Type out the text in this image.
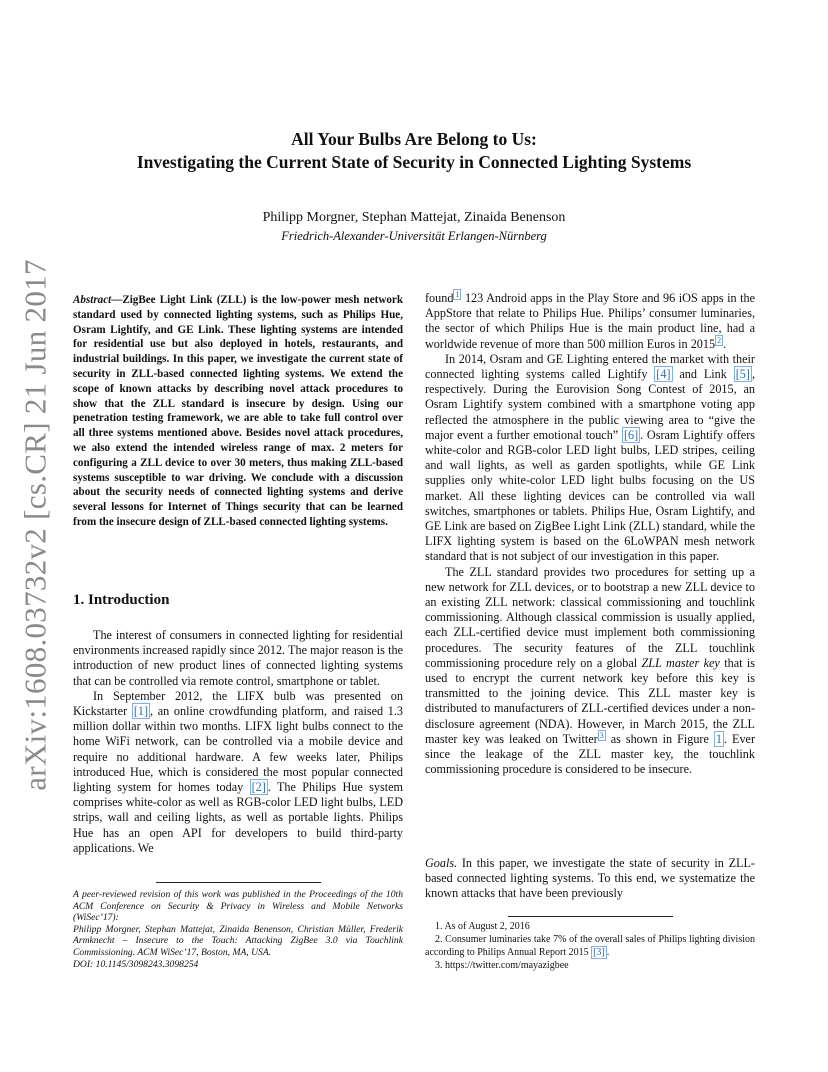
arXiv:1608.03732v2 [cs.CR] 21 Jun 2017
All Your Bulbs Are Belong to Us:
Investigating the Current State of Security in Connected Lighting Systems
Philipp Morgner, Stephan Mattejat, Zinaida Benenson
Friedrich-Alexander-Universität Erlangen-Nürnberg

Abstract—ZigBee Light Link (ZLL) is the low-power mesh network standard used by connected lighting systems, such as Philips Hue, Osram Lightify, and GE Link. These lighting systems are intended for residential use but also deployed in hotels, restaurants, and industrial buildings. In this paper, we investigate the current state of security in ZLL-based connected lighting systems. We extend the scope of known attacks by describing novel attack procedures to show that the ZLL standard is insecure by design. Using our penetration testing framework, we are able to take full control over all three systems mentioned above. Besides novel attack procedures, we also extend the intended wireless range of max. 2 meters for configuring a ZLL device to over 30 meters, thus making ZLL-based systems susceptible to war driving. We conclude with a discussion about the security needs of connected lighting systems and derive several lessons for Internet of Things security that can be learned from the insecure design of ZLL-based connected lighting systems.

1. Introduction

The interest of consumers in connected lighting for residential environments increased rapidly since 2012. The major reason is the introduction of new product lines of connected lighting systems that can be controlled via remote control, smartphone or tablet.

In September 2012, the LIFX bulb was presented on Kickstarter [1] , an online crowdfunding platform, and raised 1.3 million dollar within two months. LIFX light bulbs connect to the home WiFi network, can be controlled via a mobile device and require no additional hardware. A few weeks later, Philips introduced Hue, which is considered the most popular connected lighting system for homes today [2] . The Philips Hue system comprises white-color as well as RGB-color LED light bulbs, LED strips, wall and ceiling lights, as well as portable lights. Philips Hue has an open API for developers to build third-party applications. We

A peer-reviewed revision of this work was published in the Proceedings of the 10th ACM Conference on Security & Privacy in Wireless and Mobile Networks (WiSec’17):

Philipp Morgner, Stephan Mattejat, Zinaida Benenson, Christian Müller, Frederik Armknecht – Insecure to the Touch: Attacking ZigBee 3.0 via Touchlink Commissioning. ACM WiSec’17, Boston, MA, USA.

DOI: 10.1145/3098243.3098254

found $^1$ 123 Android apps in the Play Store and 96 iOS apps in the AppStore that relate to Philips Hue. Philips’ consumer luminaries, the sector of which Philips Hue is the main product line, had a worldwide revenue of more than 500 million Euros in 2015 $^2$ .

In 2014, Osram and GE Lighting entered the market with their connected lighting systems called Lightify [4] and Link [5] , respectively. During the Eurovision Song Contest of 2015, an Osram Lightify system combined with a smartphone voting app reflected the atmosphere in the public viewing area to “give the major event a further emotional touch” [6] . Osram Lightify offers white-color and RGB-color LED light bulbs, LED stripes, ceiling and wall lights, as well as garden spotlights, while GE Link supplies only white-color LED light bulbs focusing on the US market. All these lighting devices can be controlled via wall switches, smartphones or tablets. Philips Hue, Osram Lightify, and GE Link are based on ZigBee Light Link (ZLL) standard, while the LIFX lighting system is based on the 6LoWPAN mesh network standard that is not subject of our investigation in this paper.

The ZLL standard provides two procedures for setting up a new network for ZLL devices, or to bootstrap a new ZLL device to an existing ZLL network: classical commissioning and touchlink commissioning. Although classical commission is usually applied, each ZLL-certified device must implement both commissioning procedures. The security features of the ZLL touchlink commissioning procedure rely on a global ZLL master key that is used to encrypt the current network key before this key is transmitted to the joining device. This ZLL master key is distributed to manufacturers of ZLL-certified devices under a non-disclosure agreement (NDA). However, in March 2015, the ZLL master key was leaked on Twitter $^3$ as shown in Figure 1 . Ever since the leakage of the ZLL master key, the touchlink commissioning procedure is considered to be insecure.

Goals. In this paper, we investigate the state of security in ZLL-based connected lighting systems. To this end, we systematize the known attacks that have been previously

1. As of August 2, 2016

2. Consumer luminaries take 7% of the overall sales of Philips lighting division according to Philips Annual Report 2015 [3] .

3. https://twitter.com/mayazigbee
